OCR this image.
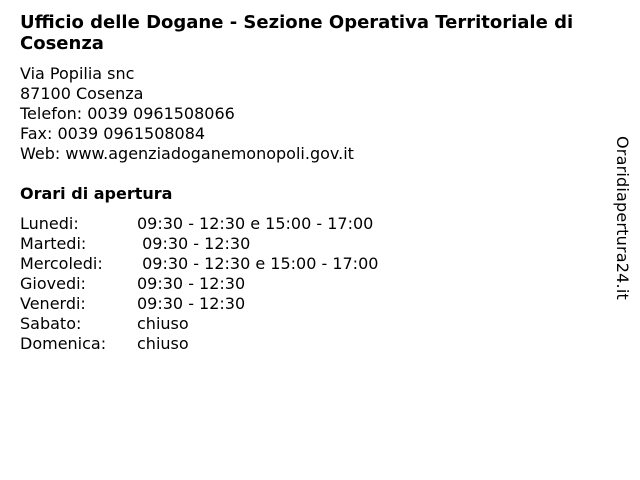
Ufficio delle Dogane - Sezione Operativa Territoriale di Cosenza
Via Popilia snc
87100 Cosenza
Telefon: 0039 0961508066
Fax: 0039 0961508084
Web: www.agenziadoganemonopoli.gov.it
Orari di apertura
Lunedi:	09:30 - 12:30 e 15:00 - 17:00
Martedi:	09:30 - 12:30
Mercoledi:	09:30 - 12:30 e 15:00 - 17:00
Giovedi:	09:30 - 12:30
Venerdi:	09:30 - 12:30
Sabato:	chiuso
Domenica:	chiuso
Oraridiapertura24.it
